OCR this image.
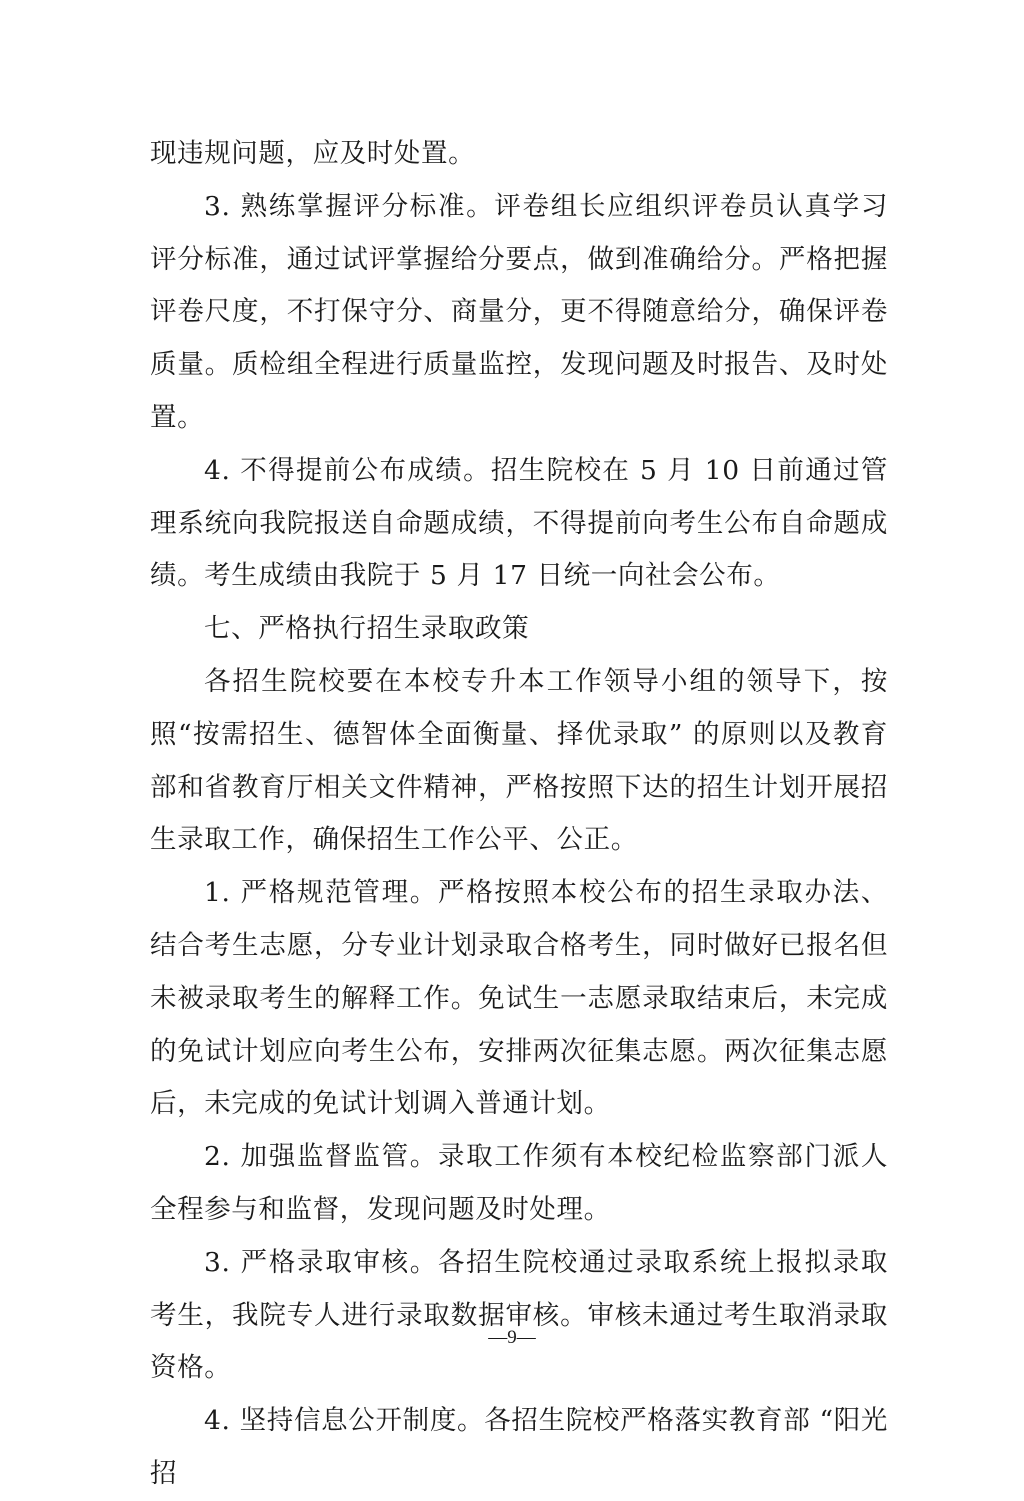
现违规问题，应及时处置。

3. 熟练掌握评分标准。评卷组长应组织评卷员认真学习评分标准，通过试评掌握给分要点，做到准确给分。严格把握评卷尺度，不打保守分、商量分，更不得随意给分，确保评卷质量。质检组全程进行质量监控，发现问题及时报告、及时处置。

4. 不得提前公布成绩。招生院校在 5 月 10 日前通过管理系统向我院报送自命题成绩，不得提前向考生公布自命题成绩。考生成绩由我院于 5 月 17 日统一向社会公布。

七、严格执行招生录取政策

各招生院校要在本校专升本工作领导小组的领导下，按照“按需招生、德智体全面衡量、择优录取” 的原则以及教育部和省教育厅相关文件精神，严格按照下达的招生计划开展招生录取工作，确保招生工作公平、公正。

1. 严格规范管理。严格按照本校公布的招生录取办法、结合考生志愿，分专业计划录取合格考生，同时做好已报名但未被录取考生的解释工作。免试生一志愿录取结束后，未完成的免试计划应向考生公布，安排两次征集志愿。两次征集志愿后，未完成的免试计划调入普通计划。

2. 加强监督监管。录取工作须有本校纪检监察部门派人全程参与和监督，发现问题及时处理。

3. 严格录取审核。各招生院校通过录取系统上报拟录取考生，我院专人进行录取数据审核。审核未通过考生取消录取资格。

4. 坚持信息公开制度。各招生院校严格落实教育部 “阳光招

—9—
